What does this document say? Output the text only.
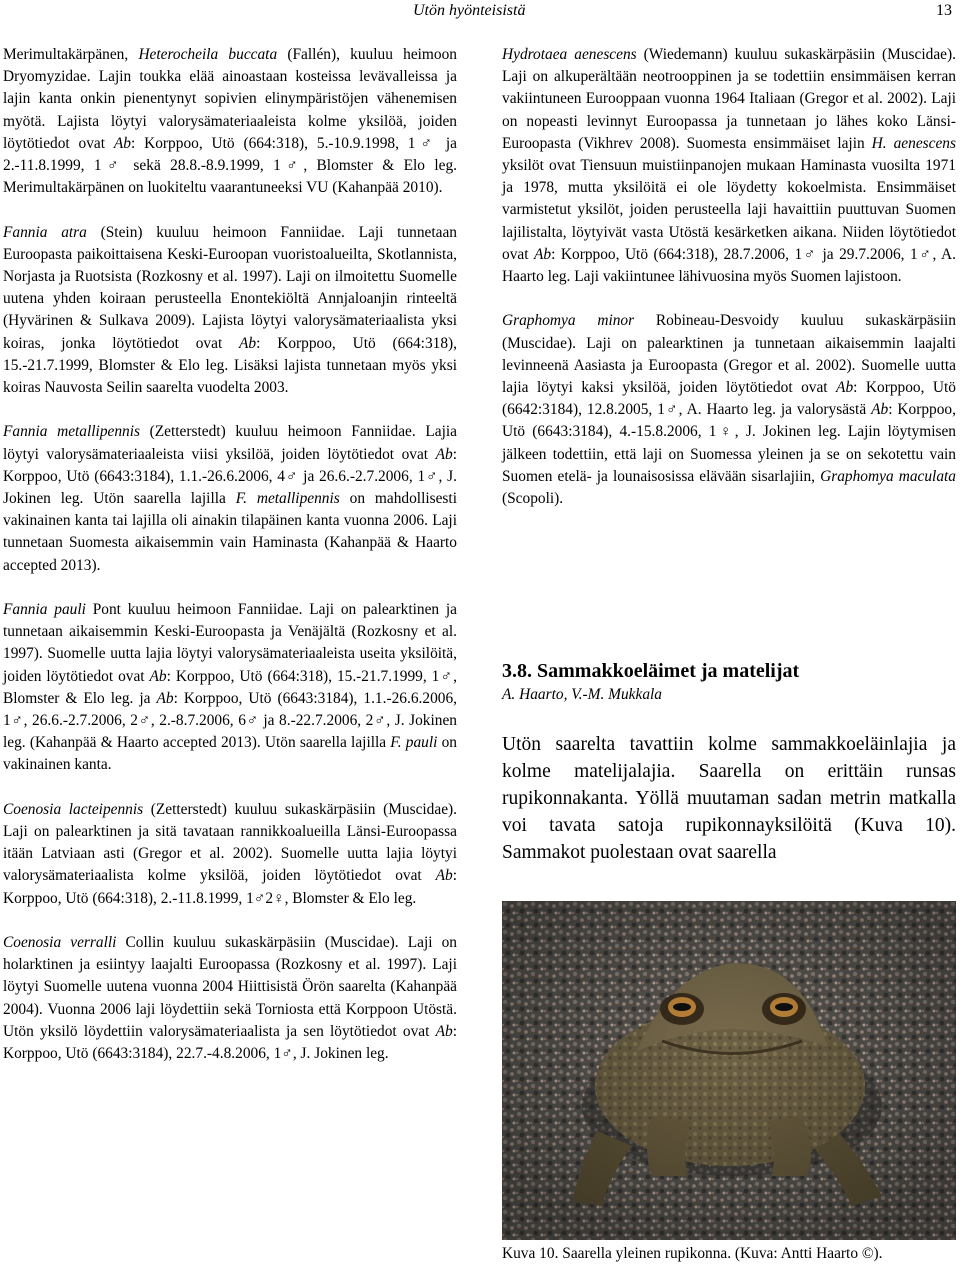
Utön hyönteisistä	13

Merimultakärpänen, Heterocheila buccata (Fallén), kuuluu heimoon Dryomyzidae. Lajin toukka elää ainoastaan kosteissa levävalleissa ja lajin kanta onkin pienentynyt sopivien elinympäristöjen vähenemisen myötä. Lajista löytyi valorysämateriaaleista kolme yksilöä, joiden löytötiedot ovat Ab: Korppoo, Utö (664:318), 5.-10.9.1998, 1♂ ja 2.-11.8.1999, 1♂ sekä 28.8.-8.9.1999, 1♂, Blomster & Elo leg. Merimultakärpänen on luokiteltu vaarantuneeksi VU (Kahanpää 2010).

Fannia atra (Stein) kuuluu heimoon Fanniidae. Laji tunnetaan Euroopasta paikoittaisena Keski-Euroopan vuoristoalueilta, Skotlannista, Norjasta ja Ruotsista (Rozkosny et al. 1997). Laji on ilmoitettu Suomelle uutena yhden koiraan perusteella Enontekiöltä Annjaloanjin rinteeltä (Hyvärinen & Sulkava 2009). Lajista löytyi valorysämateriaalista yksi koiras, jonka löytötiedot ovat Ab: Korppoo, Utö (664:318), 15.-21.7.1999, Blomster & Elo leg. Lisäksi lajista tunnetaan myös yksi koiras Nauvosta Seilin saarelta vuodelta 2003.

Fannia metallipennis (Zetterstedt) kuuluu heimoon Fanniidae. Lajia löytyi valorysämateriaaleista viisi yksilöä, joiden löytötiedot ovat Ab: Korppoo, Utö (6643:3184), 1.1.-26.6.2006, 4♂ ja 26.6.-2.7.2006, 1♂, J. Jokinen leg. Utön saarella lajilla F. metallipennis on mahdollisesti vakinainen kanta tai lajilla oli ainakin tilapäinen kanta vuonna 2006. Laji tunnetaan Suomesta aikaisemmin vain Haminasta (Kahanpää & Haarto accepted 2013).

Fannia pauli Pont kuuluu heimoon Fanniidae. Laji on palearktinen ja tunnetaan aikaisemmin Keski-Euroopasta ja Venäjältä (Rozkosny et al. 1997). Suomelle uutta lajia löytyi valorysämateriaaleista useita yksilöitä, joiden löytötiedot ovat Ab: Korppoo, Utö (664:318), 15.-21.7.1999, 1♂, Blomster & Elo leg. ja Ab: Korppoo, Utö (6643:3184), 1.1.-26.6.2006, 1♂, 26.6.-2.7.2006, 2♂, 2.-8.7.2006, 6♂ ja 8.-22.7.2006, 2♂, J. Jokinen leg. (Kahanpää & Haarto accepted 2013). Utön saarella lajilla F. pauli on vakinainen kanta.

Coenosia lacteipennis (Zetterstedt) kuuluu sukaskärpäsiin (Muscidae). Laji on palearktinen ja sitä tavataan rannikkoalueilla Länsi-Euroopassa itään Latviaan asti (Gregor et al. 2002). Suomelle uutta lajia löytyi valorysämateriaalista kolme yksilöä, joiden löytötiedot ovat Ab: Korppoo, Utö (664:318), 2.-11.8.1999, 1♂2♀, Blomster & Elo leg.

Coenosia verralli Collin kuuluu sukaskärpäsiin (Muscidae). Laji on holarktinen ja esiintyy laajalti Euroopassa (Rozkosny et al. 1997). Laji löytyi Suomelle uutena vuonna 2004 Hiittisistä Örön saarelta (Kahanpää 2004). Vuonna 2006 laji löydettiin sekä Torniosta että Korppoon Utöstä. Utön yksilö löydettiin valorysämateriaalista ja sen löytötiedot ovat Ab: Korppoo, Utö (6643:3184), 22.7.-4.8.2006, 1♂, J. Jokinen leg.

Hydrotaea aenescens (Wiedemann) kuuluu sukaskärpäsiin (Muscidae). Laji on alkuperältään neotrooppinen ja se todettiin ensimmäisen kerran vakiintuneen Eurooppaan vuonna 1964 Italiaan (Gregor et al. 2002). Laji on nopeasti levinnyt Euroopassa ja tunnetaan jo lähes koko Länsi-Euroopasta (Vikhrev 2008). Suomesta ensimmäiset lajin H. aenescens yksilöt ovat Tiensuun muistiinpanojen mukaan Haminasta vuosilta 1971 ja 1978, mutta yksilöitä ei ole löydetty kokoelmista. Ensimmäiset varmistetut yksilöt, joiden perusteella laji havaittiin puuttuvan Suomen lajilistalta, löytyivät vasta Utöstä kesärketken aikana. Niiden löytötiedot ovat Ab: Korppoo, Utö (664:318), 28.7.2006, 1♂ ja 29.7.2006, 1♂, A. Haarto leg. Laji vakiintunee lähivuosina myös Suomen lajistoon.

Graphomya minor Robineau-Desvoidy kuuluu sukaskärpäsiin (Muscidae). Laji on palearktinen ja tunnetaan aikaisemmin laajalti levinneenä Aasiasta ja Euroopasta (Gregor et al. 2002). Suomelle uutta lajia löytyi kaksi yksilöä, joiden löytötiedot ovat Ab: Korppoo, Utö (6642:3184), 12.8.2005, 1♂, A. Haarto leg. ja valorysästä Ab: Korppoo, Utö (6643:3184), 4.-15.8.2006, 1♀, J. Jokinen leg. Lajin löytymisen jälkeen todettiin, että laji on Suomessa yleinen ja se on sekotettu vain Suomen etelä- ja lounaisosissa elävään sisarlajiin, Graphomya maculata (Scopoli).

3.8. Sammakkoeläimet ja matelijat
A. Haarto, V.-M. Mukkala
Utön saarelta tavattiin kolme sammakkoeläinlajia ja kolme matelijalajia. Saarella on erittäin runsas rupikonnakanta. Yöllä muutaman sadan metrin matkalla voi tavata satoja rupikonnayksilöitä (Kuva 10). Sammakot puolestaan ovat saarella
Kuva 10. Saarella yleinen rupikonna. (Kuva: Antti Haarto ©).
